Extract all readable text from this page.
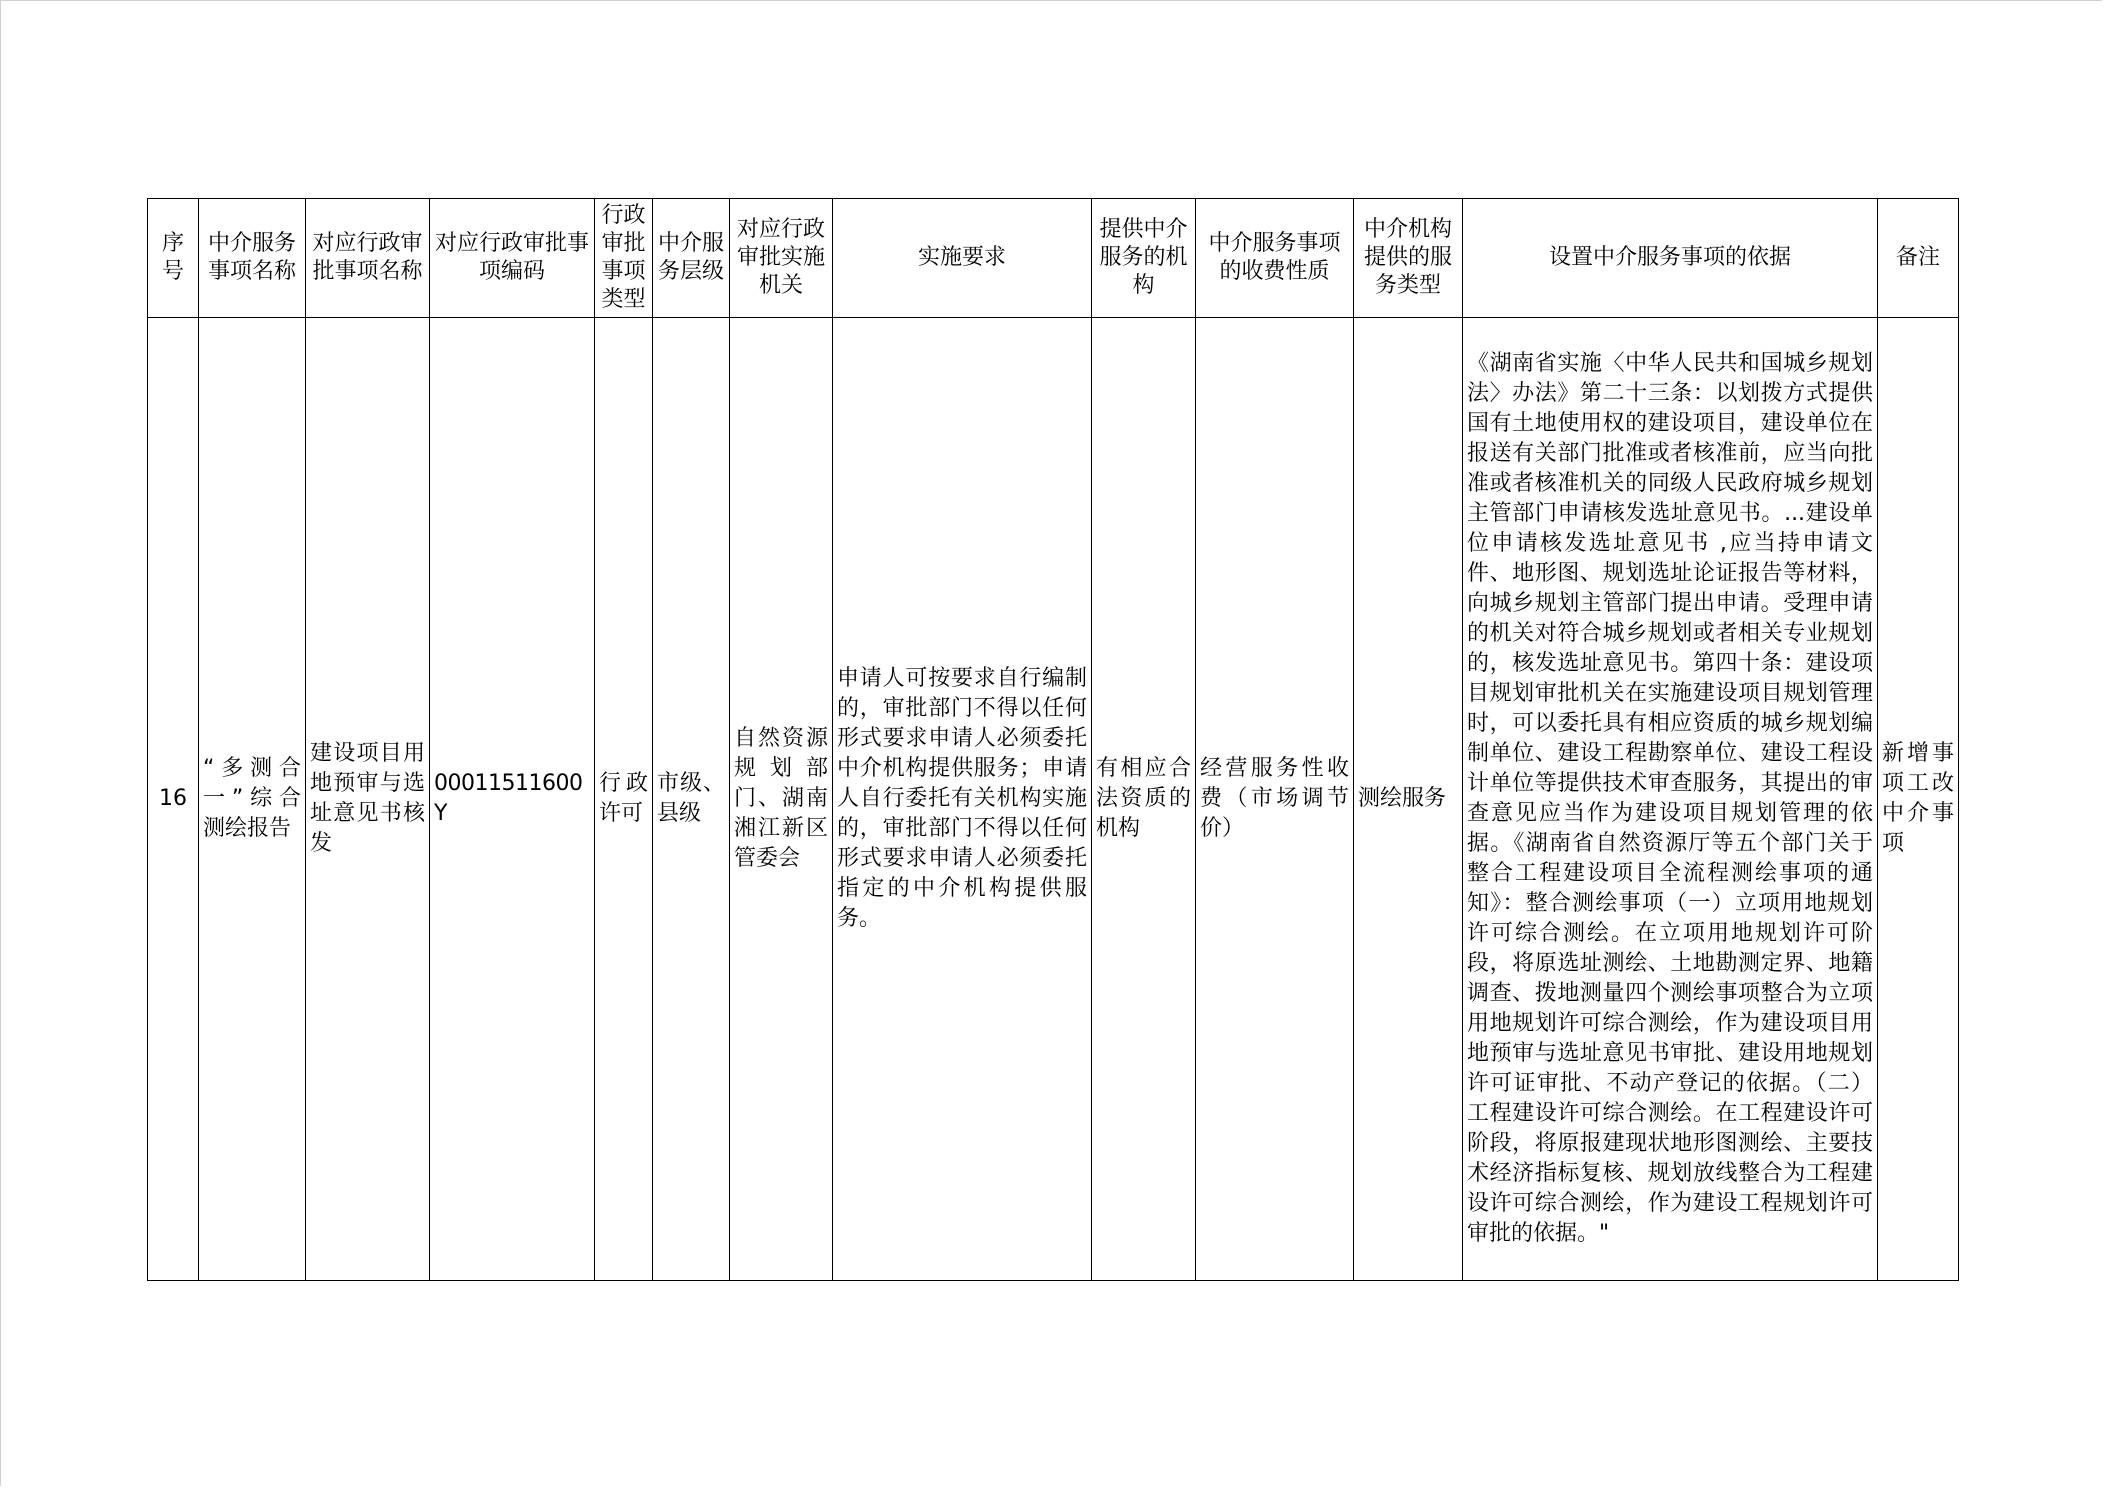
序号	中介服务事项名称	对应行政审批事项名称	对应行政审批事项编码	行政审批事项类型	中介服务层级	对应行政审批实施机关	实施要求	提供中介服务的机构	中介服务事项的收费性质	中介机构提供的服务类型	设置中介服务事项的依据	备注
16	“多测合一”综合测绘报告	建设项目用地预审与选址意见书核发	00011511600Y	行政许可	市级、县级	自然资源规划部门、湖南湘江新区管委会	申请人可按要求自行编制的，审批部门不得以任何形式要求申请人必须委托中介机构提供服务；申请人自行委托有关机构实施的，审批部门不得以任何形式要求申请人必须委托指定的中介机构提供服务。	有相应合法资质的机构	经营服务性收费（市场调节价）	测绘服务	《湖南省实施〈中华人民共和国城乡规划法〉办法》第二十三条：以划拨方式提供国有土地使用权的建设项目，建设单位在报送有关部门批准或者核准前，应当向批准或者核准机关的同级人民政府城乡规划主管部门申请核发选址意见书。...建设单位申请核发选址意见书 ,应当持申请文件、地形图、规划选址论证报告等材料，向城乡规划主管部门提出申请。受理申请的机关对符合城乡规划或者相关专业规划的，核发选址意见书。第四十条：建设项目规划审批机关在实施建设项目规划管理时，可以委托具有相应资质的城乡规划编制单位、建设工程勘察单位、建设工程设计单位等提供技术审查服务，其提出的审查意见应当作为建设项目规划管理的依据。《湖南省自然资源厅等五个部门关于整合工程建设项目全流程测绘事项的通知》：整合测绘事项（一）立项用地规划许可综合测绘。在立项用地规划许可阶段，将原选址测绘、土地勘测定界、地籍调查、拨地测量四个测绘事项整合为立项用地规划许可综合测绘，作为建设项目用地预审与选址意见书审批、建设用地规划许可证审批、不动产登记的依据。（二）工程建设许可综合测绘。在工程建设许可阶段，将原报建现状地形图测绘、主要技术经济指标复核、规划放线整合为工程建设许可综合测绘，作为建设工程规划许可审批的依据。"	新增事项工改中介事项
